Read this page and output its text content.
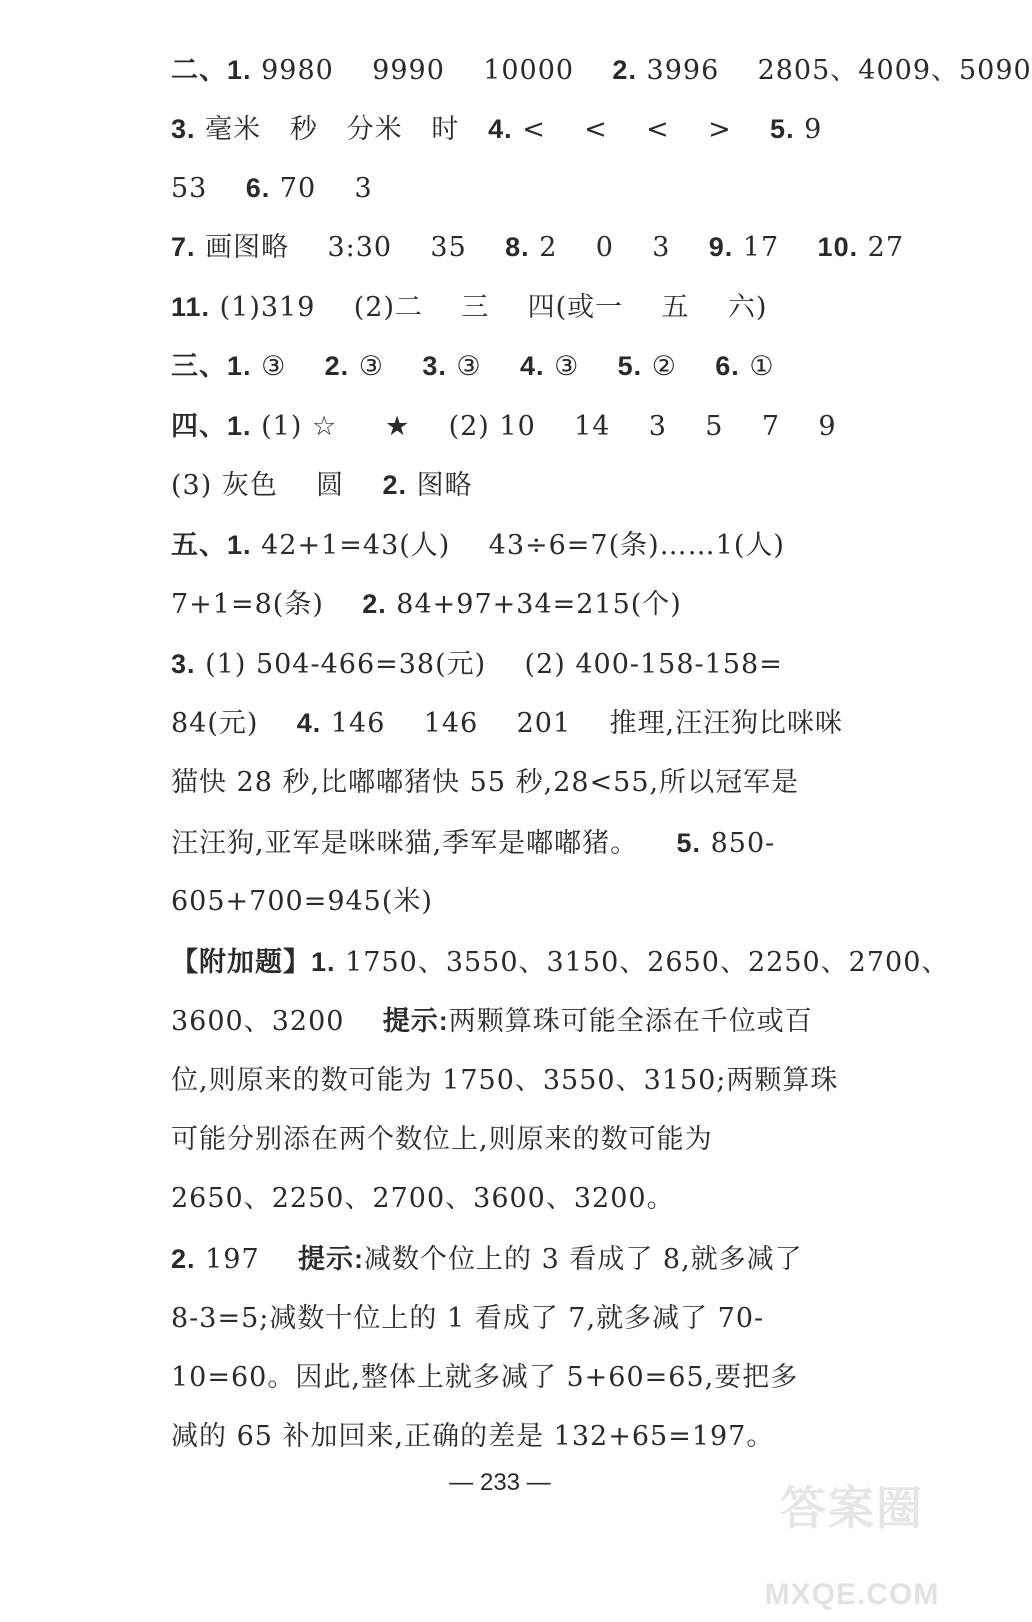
二、1. 9980    9990    10000    2. 3996    2805、4009、5090
3. 毫米   秒   分米   时   4. <    <    <    >    5. 9
53    6. 70    3
7. 画图略    3:30    35    8. 2    0    3    9. 17    10. 27
11. (1)319    (2)二    三    四(或一    五    六)
三、1. ③    2. ③    3. ③    4. ③    5. ②    6. ①
四、1. (1) ☆     ★    (2) 10    14    3    5    7    9
(3) 灰色    圆    2. 图略
五、1. 42+1=43(人)    43÷6=7(条)……1(人)
7+1=8(条)    2. 84+97+34=215(个)
3. (1) 504-466=38(元)    (2) 400-158-158=
84(元)    4. 146    146    201    推理,汪汪狗比咪咪
猫快 28 秒,比嘟嘟猪快 55 秒,28<55,所以冠军是
汪汪狗,亚军是咪咪猫,季军是嘟嘟猪。    5. 850-
605+700=945(米)
【附加题】1. 1750、3550、3150、2650、2250、2700、
3600、3200    提示:两颗算珠可能全添在千位或百
位,则原来的数可能为 1750、3550、3150;两颗算珠
可能分别添在两个数位上,则原来的数可能为
2650、2250、2700、3600、3200。
2. 197    提示:减数个位上的 3 看成了 8,就多减了
8-3=5;减数十位上的 1 看成了 7,就多减了 70-
10=60。因此,整体上就多减了 5+60=65,要把多
减的 65 补加回来,正确的差是 132+65=197。
— 233 —	答案圈
MXQE.COM
